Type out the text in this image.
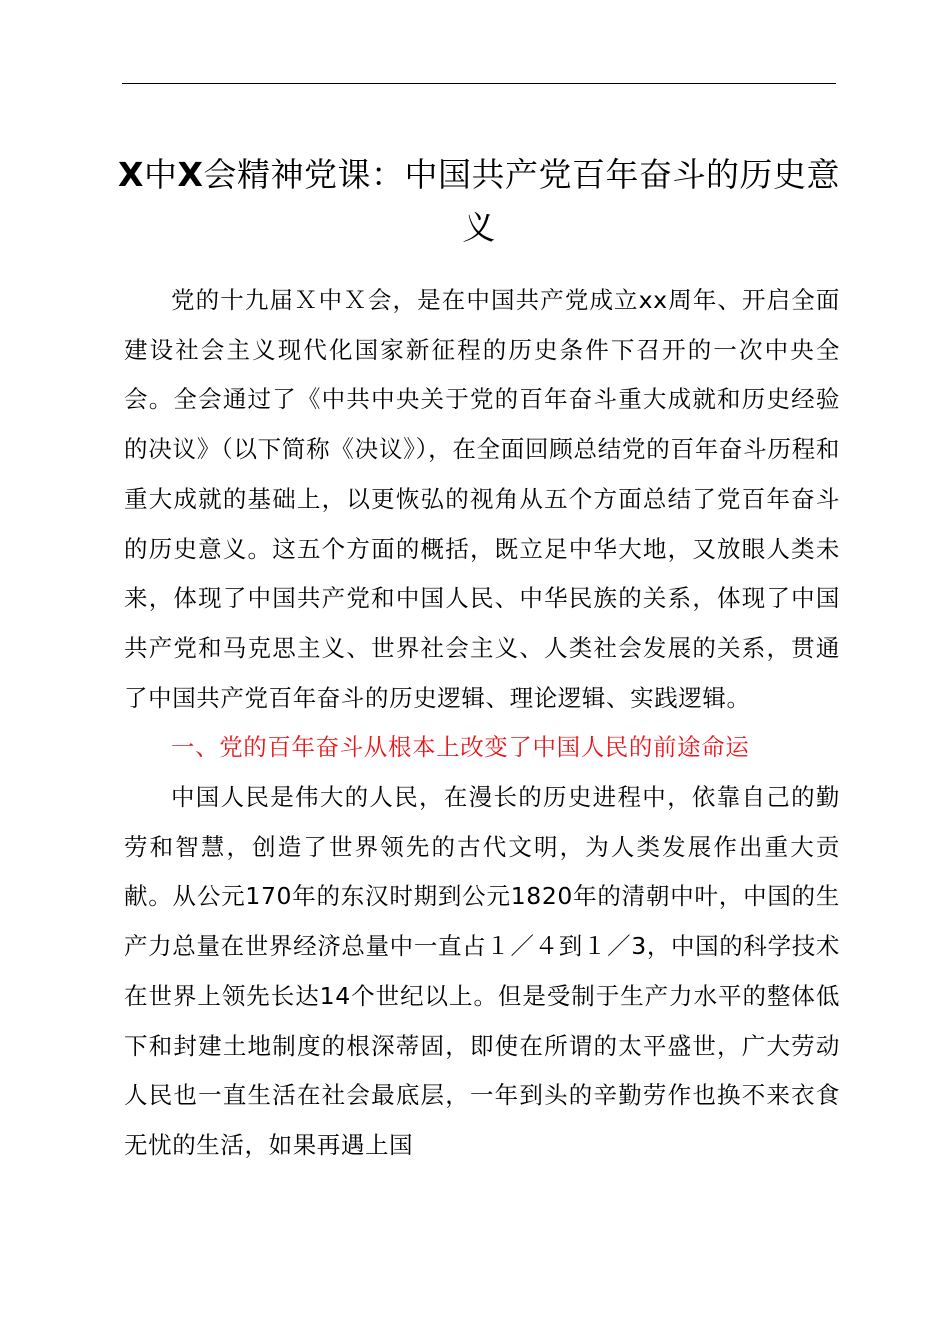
X中X会精神党课：中国共产党百年奋斗的历史意义

党的十九届Ｘ中Ｘ会，是在中国共产党成立xx周年、开启全面建设社会主义现代化国家新征程的历史条件下召开的一次中央全会。全会通过了《中共中央关于党的百年奋斗重大成就和历史经验的决议》（以下简称《决议》），在全面回顾总结党的百年奋斗历程和重大成就的基础上，以更恢弘的视角从五个方面总结了党百年奋斗的历史意义。这五个方面的概括，既立足中华大地，又放眼人类未来，体现了中国共产党和中国人民、中华民族的关系，体现了中国共产党和马克思主义、世界社会主义、人类社会发展的关系，贯通了中国共产党百年奋斗的历史逻辑、理论逻辑、实践逻辑。

一、党的百年奋斗从根本上改变了中国人民的前途命运

中国人民是伟大的人民，在漫长的历史进程中，依靠自己的勤劳和智慧，创造了世界领先的古代文明，为人类发展作出重大贡献。从公元170年的东汉时期到公元1820年的清朝中叶，中国的生产力总量在世界经济总量中一直占１／４到１／3，中国的科学技术在世界上领先长达14个世纪以上。但是受制于生产力水平的整体低下和封建土地制度的根深蒂固，即使在所谓的太平盛世，广大劳动人民也一直生活在社会最底层，一年到头的辛勤劳作也换不来衣食无忧的生活，如果再遇上国
